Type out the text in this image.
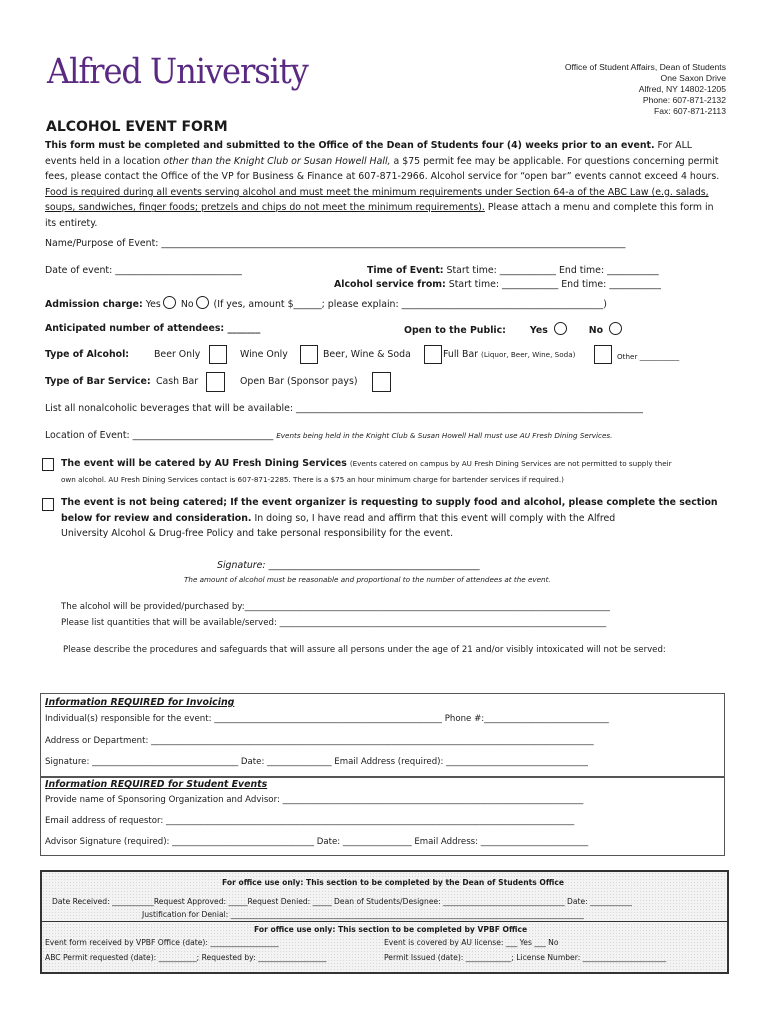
Alfred University	Office of Student Affairs, Dean of Students
One Saxon Drive
Alfred, NY 14802-1205
Phone: 607-871-2132
Fax: 607-871-2113
ALCOHOL EVENT FORM
This form must be completed and submitted to the Office of the Dean of Students four (4) weeks prior to an event. For ALL events held in a location other than the Knight Club or Susan Howell Hall, a $75 permit fee may be applicable. For questions concerning permit fees, please contact the Office of the VP for Business & Finance at 607-871-2966. Alcohol service for “open bar” events cannot exceed 4 hours. Food is required during all events serving alcohol and must meet the minimum requirements under Section 64-a of the ABC Law (e.g. salads, soups, sandwiches, finger foods; pretzels and chips do not meet the minimum requirements). Please attach a menu and complete this form in its entirety.
Name/Purpose of Event: ___________________________________________________________________________________________________
Date of event: ___________________________	Time of Event: Start time: ____________ End time: ___________
Alcohol service from: Start time: ____________ End time: ___________
Admission charge: Yes No (If yes, amount $______; please explain: ___________________________________________)
Anticipated number of attendees: _______	Open to the Public:	Yes	No
Type of Alcohol:	Beer Only	Wine Only	Beer, Wine & Soda	Full Bar (Liquor, Beer, Wine, Soda)	Other ___________
Type of Bar Service: Cash Bar	Open Bar (Sponsor pays)
List all nonalcoholic beverages that will be available: __________________________________________________________________________
Location of Event: ______________________________ Events being held in the Knight Club & Susan Howell Hall must use AU Fresh Dining Services.
The event will be catered by AU Fresh Dining Services (Events catered on campus by AU Fresh Dining Services are not permitted to supply their
own alcohol. AU Fresh Dining Services contact is 607-871-2285. There is a $75 an hour minimum charge for bartender services if required.)
The event is not being catered; If the event organizer is requesting to supply food and alcohol, please complete the section
below for review and consideration. In doing so, I have read and affirm that this event will comply with the Alfred
University Alcohol & Drug-free Policy and take personal responsibility for the event.
Signature: _____________________________________________
The amount of alcohol must be reasonable and proportional to the number of attendees at the event.
The alcohol will be provided/purchased by:_____________________________________________________________________________________
Please list quantities that will be available/served: ____________________________________________________________________________
Please describe the procedures and safeguards that will assure all persons under the age of 21 and/or visibly intoxicated will not be served:
Information REQUIRED for Invoicing
Individual(s) responsible for the event: _____________________________________________________ Phone #:_____________________________
Address or Department: _______________________________________________________________________________________________________
Signature: __________________________________ Date: _______________ Email Address (required): _________________________________
Information REQUIRED for Student Events
Provide name of Sponsoring Organization and Advisor: ______________________________________________________________________
Email address of requestor: _______________________________________________________________________________________________
Advisor Signature (required): _________________________________ Date: ________________ Email Address: _________________________
For office use only: This section to be completed by the Dean of Students Office
Date Received: ___________Request Approved: _____Request Denied: _____ Dean of Students/Designee: ________________________________ Date: ___________
Justification for Denial: _____________________________________________________________________________________________
For office use only: This section to be completed by VPBF Office
Event form received by VPBF Office (date): __________________	Event is covered by AU license: ___ Yes ___ No
ABC Permit requested (date): __________; Requested by: __________________	Permit Issued (date): ____________; License Number: ______________________
